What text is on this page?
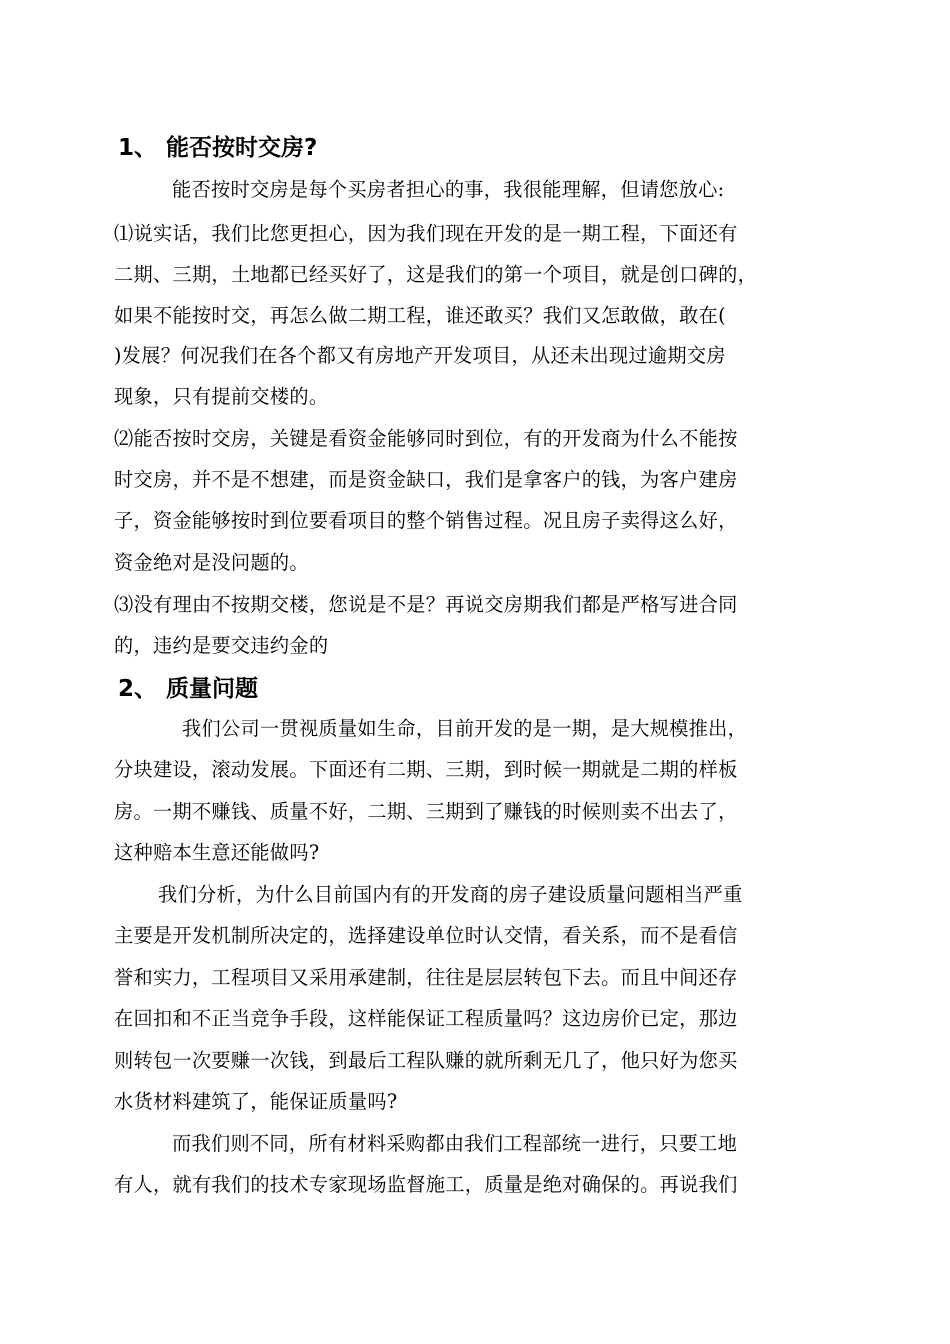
1、 能否按时交房?
能否按时交房是每个买房者担心的事，我很能理解，但请您放心:
⑴说实话，我们比您更担心，因为我们现在开发的是一期工程，下面还有
二期、三期，土地都已经买好了，这是我们的第一个项目，就是创口碑的，
如果不能按时交，再怎么做二期工程，谁还敢买？我们又怎敢做，敢在(
)发展？何况我们在各个都又有房地产开发项目，从还未出现过逾期交房
现象，只有提前交楼的。
⑵能否按时交房，关键是看资金能够同时到位，有的开发商为什么不能按
时交房，并不是不想建，而是资金缺口，我们是拿客户的钱，为客户建房
子，资金能够按时到位要看项目的整个销售过程。况且房子卖得这么好，
资金绝对是没问题的。
⑶没有理由不按期交楼，您说是不是？再说交房期我们都是严格写进合同
的，违约是要交违约金的
2、 质量问题
我们公司一贯视质量如生命，目前开发的是一期，是大规模推出，
分块建设，滚动发展。下面还有二期、三期，到时候一期就是二期的样板
房。一期不赚钱、质量不好，二期、三期到了赚钱的时候则卖不出去了，
这种赔本生意还能做吗?
我们分析，为什么目前国内有的开发商的房子建设质量问题相当严重
主要是开发机制所决定的，选择建设单位时认交情，看关系，而不是看信
誉和实力，工程项目又采用承建制，往往是层层转包下去。而且中间还存
在回扣和不正当竞争手段，这样能保证工程质量吗？这边房价已定，那边
则转包一次要赚一次钱，到最后工程队赚的就所剩无几了，他只好为您买
水货材料建筑了，能保证质量吗?
而我们则不同，所有材料采购都由我们工程部统一进行，只要工地
有人，就有我们的技术专家现场监督施工，质量是绝对确保的。再说我们
